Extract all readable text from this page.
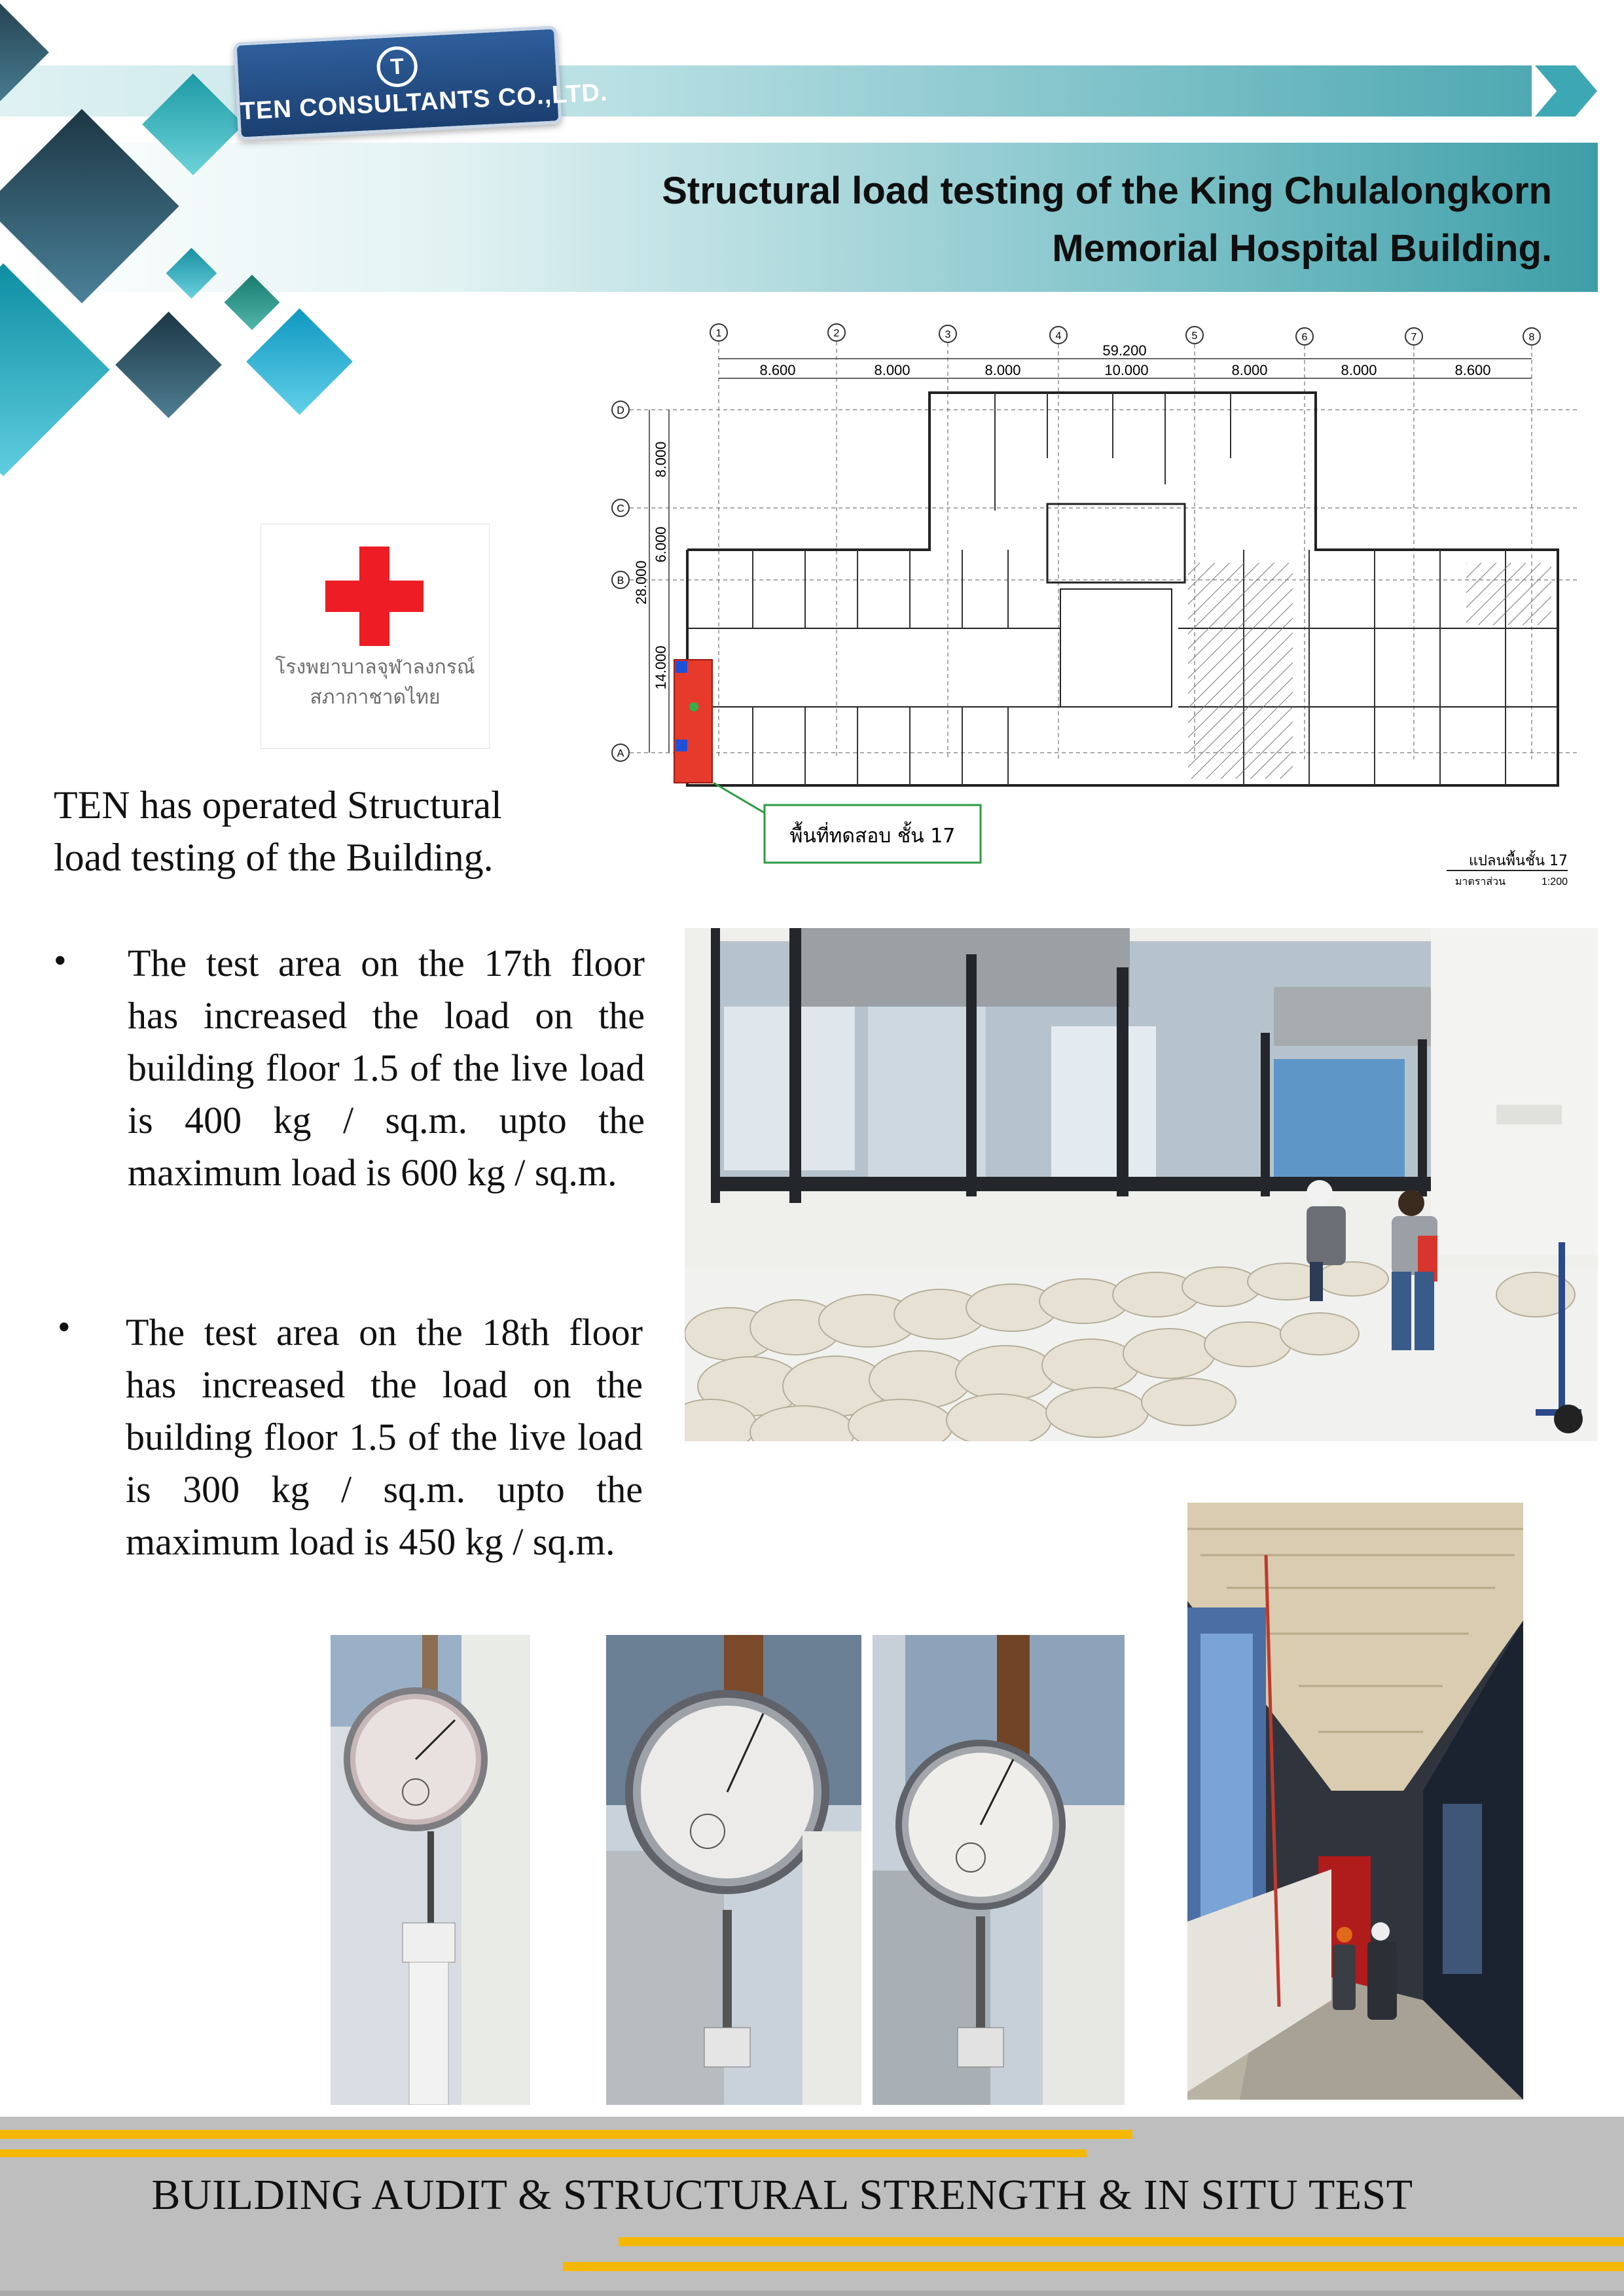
T
TEN CONSULTANTS CO.,LTD.
Structural load testing of the King Chulalongkorn
Memorial Hospital Building.
โรงพยาบาลจุฬาลงกรณ์
สภากาชาดไทย
1	2	3	4	5	6	7	8
59.200
8.600	8.000	8.000	10.000	8.000	8.000	8.600
D
C
B
A
8.000
6.000
14.000
28.000
พื้นที่ทดสอบ ชั้น 17
แปลนพื้นชั้น 17
มาตราส่วน	1:200
TEN has operated Structural load testing of the Building.
• The test area on the 17th floor has increased the load on the building floor 1.5 of the live load is 400 kg / sq.m. upto the maximum load is 600 kg / sq.m.
• The test area on the 18th floor has increased the load on the building floor 1.5 of the live load is 300 kg / sq.m. upto the maximum load is 450 kg / sq.m.
BUILDING AUDIT & STRUCTURAL STRENGTH & IN SITU TEST
